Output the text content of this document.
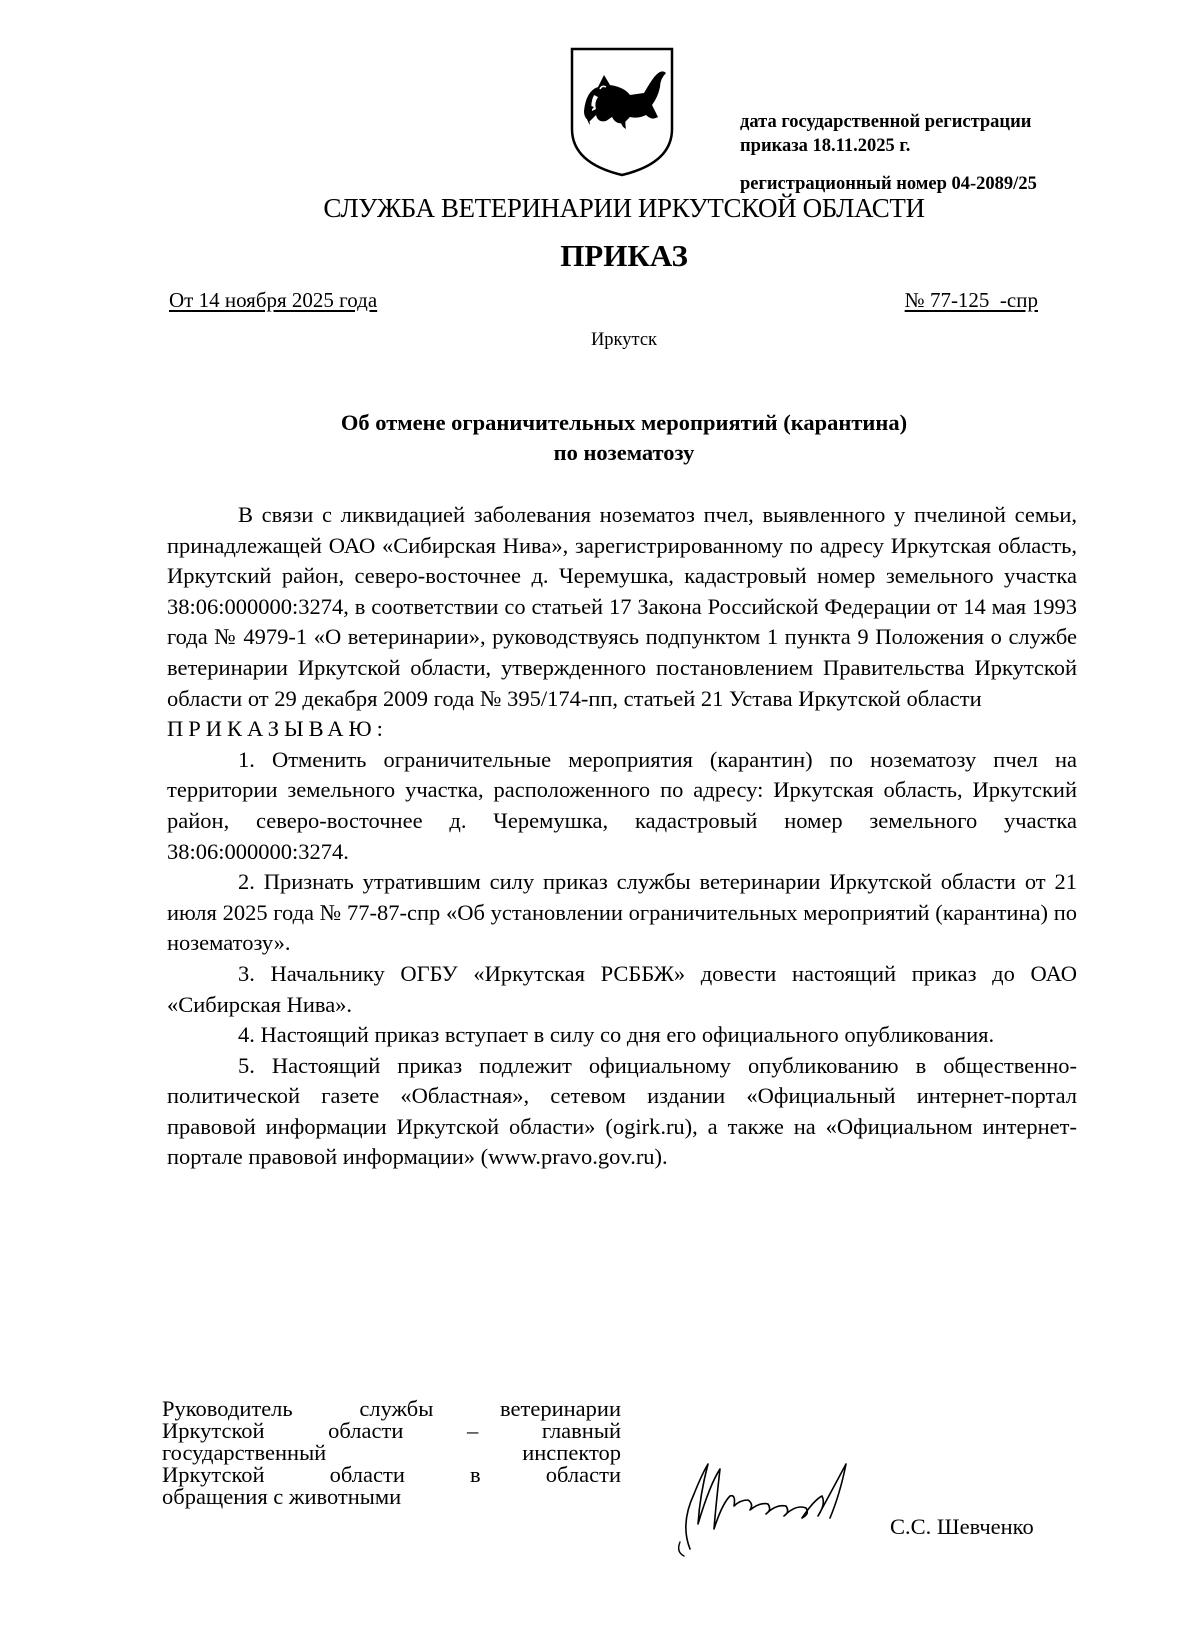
дата государственной регистрации
приказа 18.11.2025 г.
регистрационный номер 04-2089/25
СЛУЖБА ВЕТЕРИНАРИИ ИРКУТСКОЙ ОБЛАСТИ
ПРИКАЗ
От 14 ноября 2025 года	№ 77-125  -спр
Иркутск
Об отмене ограничительных мероприятий (карантина)
по нозематозу

В связи с ликвидацией заболевания нозематоз пчел, выявленного у пчелиной семьи, принадлежащей ОАО «Сибирская Нива», зарегистрированному по адресу Иркутская область, Иркутский район, северо-восточнее д. Черемушка, кадастровый номер земельного участка 38:06:000000:3274, в соответствии со статьей 17 Закона Российской Федерации от 14 мая 1993 года № 4979-1 «О ветеринарии», руководствуясь подпунктом 1 пункта 9 Положения о службе ветеринарии Иркутской области, утвержденного постановлением Правительства Иркутской области от 29 декабря 2009 года № 395/174-пп, статьей 21 Устава Иркутской области

ПРИКАЗЫВАЮ:

1. Отменить ограничительные мероприятия (карантин) по нозематозу пчел на территории земельного участка, расположенного по адресу: Иркутская область, Иркутский район, северо-восточнее д. Черемушка, кадастровый номер земельного участка 38:06:000000:3274.

2. Признать утратившим силу приказ службы ветеринарии Иркутской области от 21 июля 2025 года № 77-87-спр «Об установлении ограничительных мероприятий (карантина) по нозематозу».

3. Начальнику ОГБУ «Иркутская РСББЖ» довести настоящий приказ до ОАО «Сибирская Нива».

4. Настоящий приказ вступает в силу со дня его официального опубликования.

5. Настоящий приказ подлежит официальному опубликованию в общественно-политической газете «Областная», сетевом издании «Официальный интернет-портал правовой информации Иркутской области» (ogirk.ru), а также на «Официальном интернет-портале правовой информации» (www.pravo.gov.ru).

Руководитель службы ветеринарии
Иркутской области – главный
государственный инспектор
Иркутской области в области
обращения с животными
С.С. Шевченко
